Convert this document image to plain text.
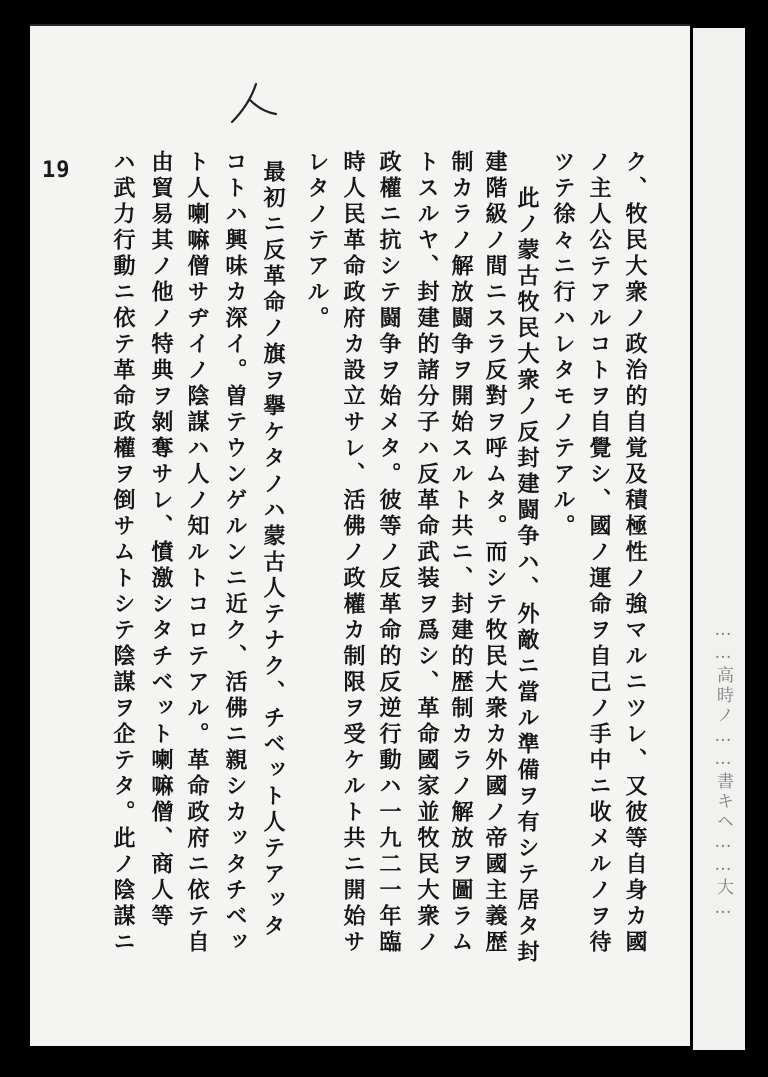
19	ク、牧民大衆ノ政治的自覚及積極性ノ強マルニツレ、又彼等自身カ國
ノ主人公テアルコトヲ自覺シ、國ノ運命ヲ自己ノ手中ニ收メルノヲ待
ツテ徐々ニ行ハレタモノテアル。
此ノ蒙古牧民大衆ノ反封建闘争ハ、外敵ニ當ル準備ヲ有シテ居タ封
建階級ノ間ニスラ反對ヲ呼ムタ。而シテ牧民大衆カ外國ノ帝國主義歴
制カラノ解放闘争ヲ開始スルト共ニ、封建的歴制カラノ解放ヲ圖ラム
トスルヤ、封建的諸分子ハ反革命武装ヲ爲シ、革命國家並牧民大衆ノ
政權ニ抗シテ闘争ヲ始メタ。彼等ノ反革命的反逆行動ハ一九二一年臨
時人民革命政府カ設立サレ、活佛ノ政權カ制限ヲ受ケルト共ニ開始サ
レタノテアル。
最初ニ反革命ノ旗ヲ擧ケタノハ蒙古人テナク、チベット人テアッタ
コトハ興味カ深イ。曽テウンゲルンニ近ク、活佛ニ親シカッタチベッ
ト人喇嘛僧サヂイノ陰謀ハ人ノ知ルトコロテアル。革命政府ニ依テ自
由貿易其ノ他ノ特典ヲ剝奪サレ、憤激シタチベット喇嘛僧、商人等
ハ武力行動ニ依テ革命政權ヲ倒サムトシテ陰謀ヲ企テタ。此ノ陰謀ニ	……高時ノ……書キヘ……大…
